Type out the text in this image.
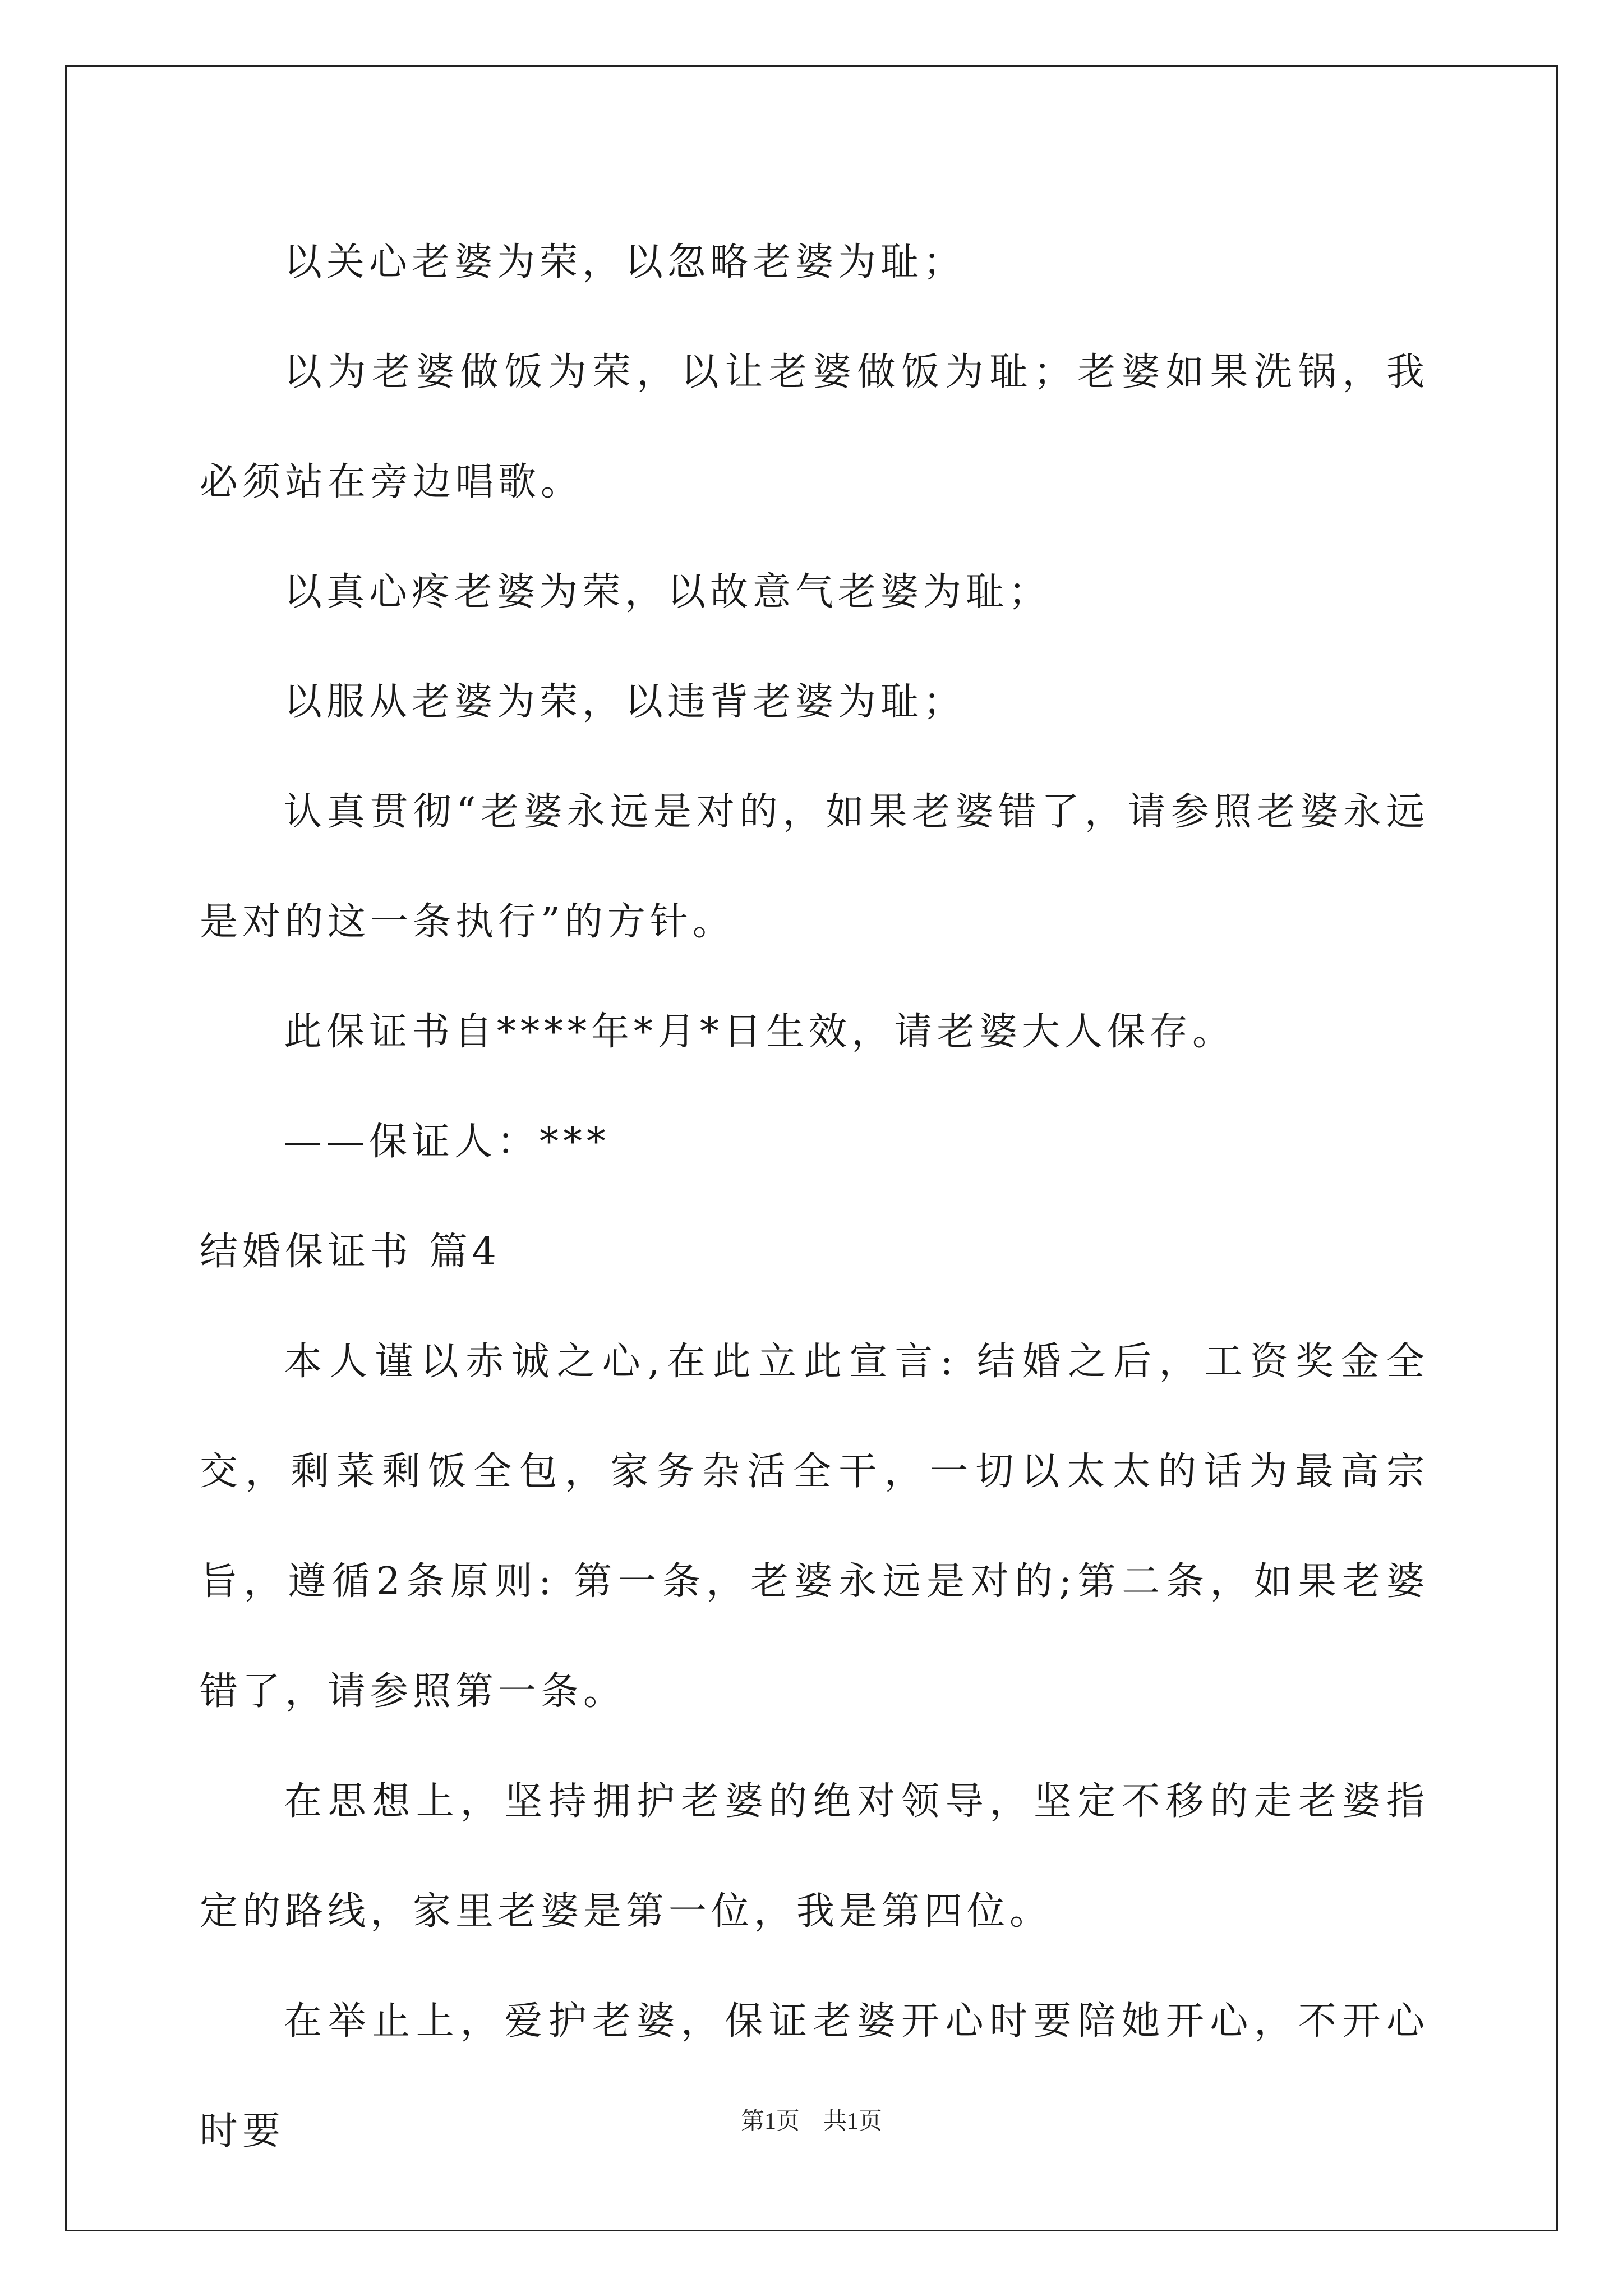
以关心老婆为荣，以忽略老婆为耻；

以为老婆做饭为荣，以让老婆做饭为耻；老婆如果洗锅，我必须站在旁边唱歌。

以真心疼老婆为荣，以故意气老婆为耻；

以服从老婆为荣，以违背老婆为耻；

认真贯彻“老婆永远是对的，如果老婆错了，请参照老婆永远是对的这一条执行”的方针。

此保证书自****年*月*日生效，请老婆大人保存。

——保证人：***

结婚保证书 篇4

本人谨以赤诚之心,在此立此宣言: 结婚之后，工资奖金全交，剩菜剩饭全包，家务杂活全干，一切以太太的话为最高宗旨，遵循2条原则: 第一条，老婆永远是对的;第二条，如果老婆错了，请参照第一条。

在思想上，坚持拥护老婆的绝对领导，坚定不移的走老婆指定的路线，家里老婆是第一位，我是第四位。

在举止上，爱护老婆，保证老婆开心时要陪她开心，不开心时要	第1页　共1页
